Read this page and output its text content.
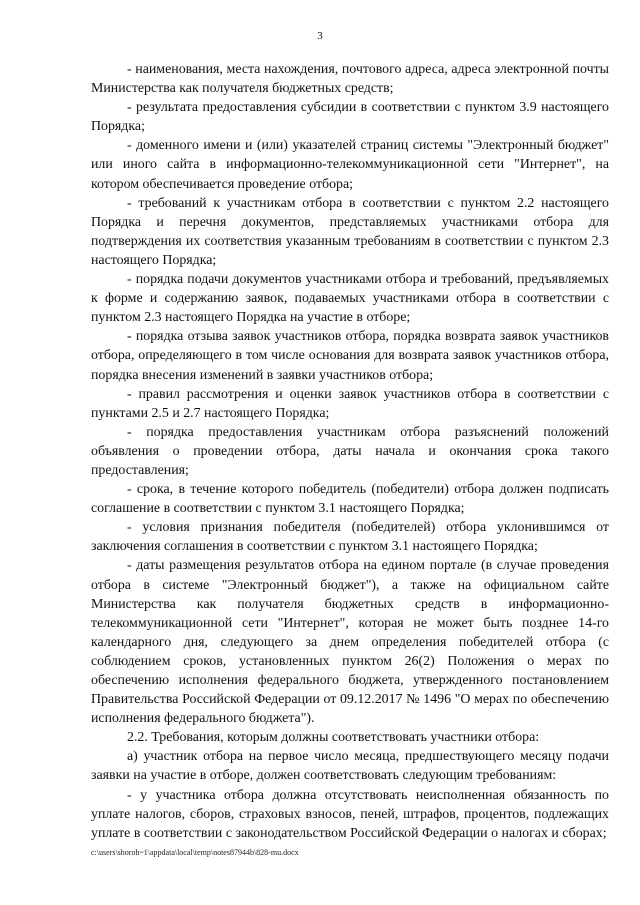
3

- наименования, места нахождения, почтового адреса, адреса электронной почты Министерства как получателя бюджетных средств;

- результата предоставления субсидии в соответствии с пунктом 3.9 настоящего Порядка;

- доменного имени и (или) указателей страниц системы "Электронный бюджет" или иного сайта в информационно-телекоммуникационной сети "Интернет", на котором обеспечивается проведение отбора;

- требований к участникам отбора в соответствии с пунктом 2.2 настоящего Порядка и перечня документов, представляемых участниками отбора для подтверждения их соответствия указанным требованиям в соответствии с пунктом 2.3 настоящего Порядка;

- порядка подачи документов участниками отбора и требований, предъявляемых к форме и содержанию заявок, подаваемых участниками отбора в соответствии с пунктом 2.3 настоящего Порядка на участие в отборе;

- порядка отзыва заявок участников отбора, порядка возврата заявок участников отбора, определяющего в том числе основания для возврата заявок участников отбора, порядка внесения изменений в заявки участников отбора;

- правил рассмотрения и оценки заявок участников отбора в соответствии с пунктами 2.5 и 2.7 настоящего Порядка;

- порядка предоставления участникам отбора разъяснений положений объявления о проведении отбора, даты начала и окончания срока такого предоставления;

- срока, в течение которого победитель (победители) отбора должен подписать соглашение в соответствии с пунктом 3.1 настоящего Порядка;

- условия признания победителя (победителей) отбора уклонившимся от заключения соглашения в соответствии с пунктом 3.1 настоящего Порядка;

- даты размещения результатов отбора на едином портале (в случае проведения отбора в системе "Электронный бюджет"), а также на официальном сайте Министерства как получателя бюджетных средств в информационно-телекоммуникационной сети "Интернет", которая не может быть позднее 14-го календарного дня, следующего за днем определения победителей отбора (с соблюдением сроков, установленных пунктом 26(2) Положения о мерах по обеспечению исполнения федерального бюджета, утвержденного постановлением Правительства Российской Федерации от 09.12.2017 № 1496 "О мерах по обеспечению исполнения федерального бюджета").

2.2. Требования, которым должны соответствовать участники отбора:

а) участник отбора на первое число месяца, предшествующего месяцу подачи заявки на участие в отборе, должен соответствовать следующим требованиям:

- у участника отбора должна отсутствовать неисполненная обязанность по уплате налогов, сборов, страховых взносов, пеней, штрафов, процентов, подлежащих уплате в соответствии с законодательством Российской Федерации о налогах и сборах;

c:\users\shoroh~1\appdata\local\temp\notes87944b\828-mu.docx
